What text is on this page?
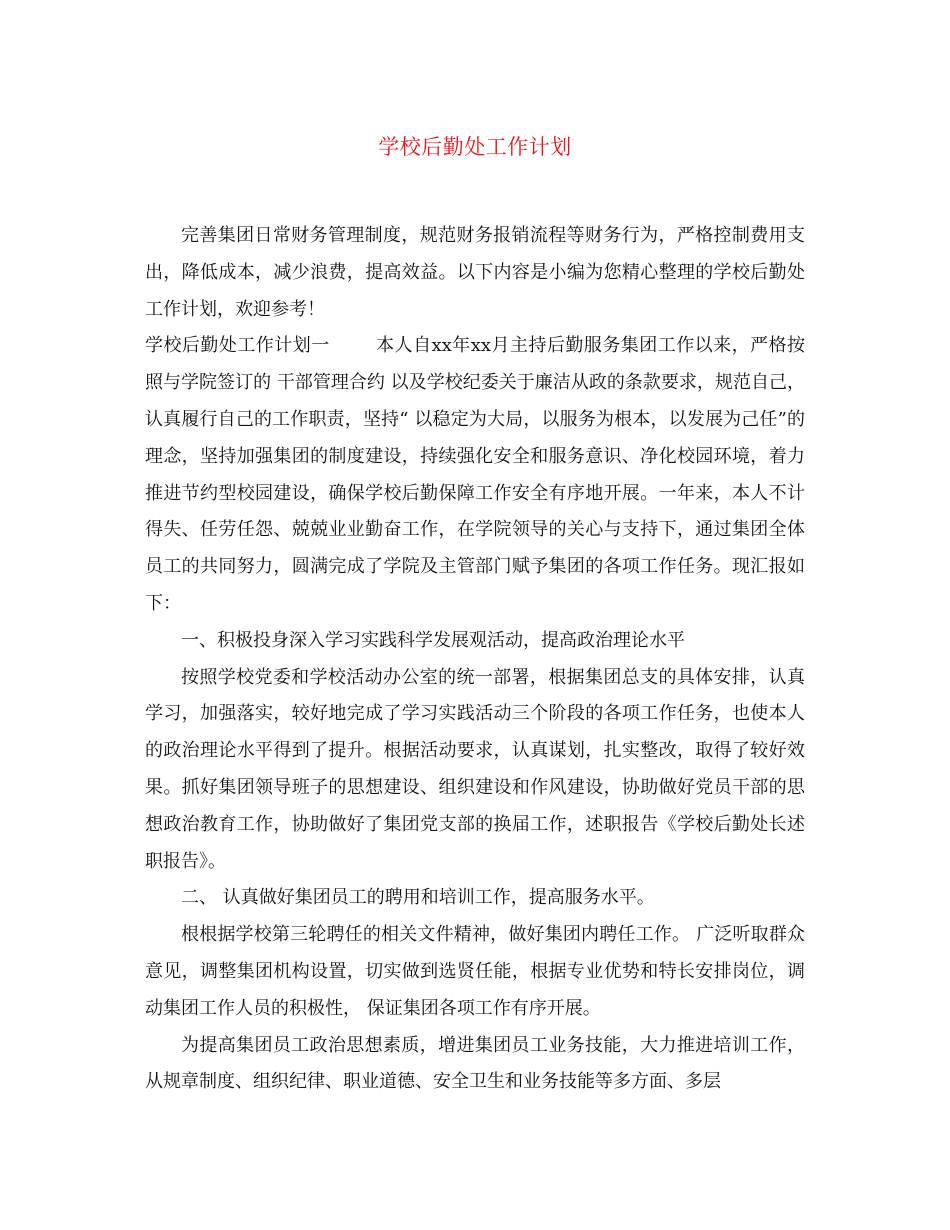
学校后勤处工作计划

完善集团日常财务管理制度，规范财务报销流程等财务行为，严格控制费用支出，降低成本，减少浪费，提高效益。以下内容是小编为您精心整理的学校后勤处工作计划，欢迎参考！

学校后勤处工作计划一	本人自xx年xx月主持后勤服务集团工作以来，严格按照与学院签订的 干部管理合约 以及学校纪委关于廉洁从政的条款要求，规范自己，认真履行自己的工作职责，坚持“ 以稳定为大局，以服务为根本，以发展为己任”的理念，坚持加强集团的制度建设，持续强化安全和服务意识、净化校园环境，着力推进节约型校园建设，确保学校后勤保障工作安全有序地开展。一年来，本人不计得失、任劳任怨、兢兢业业勤奋工作，在学院领导的关心与支持下，通过集团全体员工的共同努力，圆满完成了学院及主管部门赋予集团的各项工作任务。现汇报如下：

一、积极投身深入学习实践科学发展观活动，提高政治理论水平

按照学校党委和学校活动办公室的统一部署，根据集团总支的具体安排，认真学习，加强落实，较好地完成了学习实践活动三个阶段的各项工作任务，也使本人的政治理论水平得到了提升。根据活动要求，认真谋划，扎实整改，取得了较好效果。抓好集团领导班子的思想建设、组织建设和作风建设，协助做好党员干部的思想政治教育工作，协助做好了集团党支部的换届工作，述职报告《学校后勤处长述职报告》。

二、 认真做好集团员工的聘用和培训工作，提高服务水平。

根根据学校第三轮聘任的相关文件精神，做好集团内聘任工作。 广泛听取群众意见，调整集团机构设置，切实做到选贤任能，根据专业优势和特长安排岗位，调动集团工作人员的积极性， 保证集团各项工作有序开展。

为提高集团员工政治思想素质，增进集团员工业务技能，大力推进培训工作，从规章制度、组织纪律、职业道德、安全卫生和业务技能等多方面、多层
